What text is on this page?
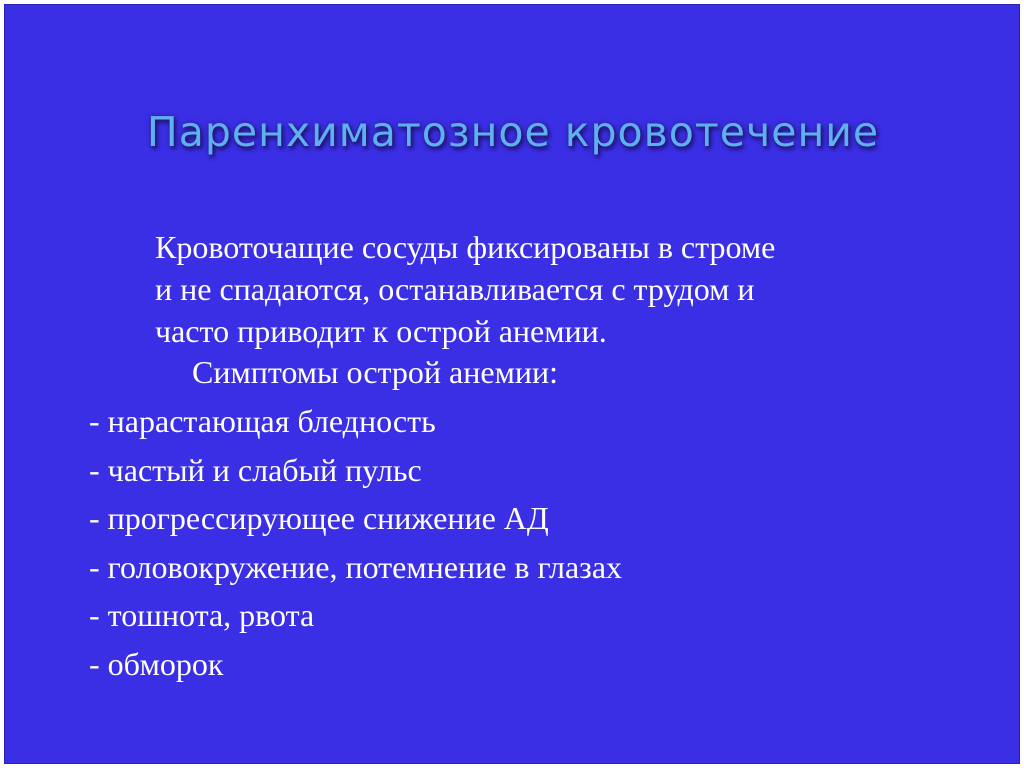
Паренхиматозное кровотечение
Кровоточащие сосуды фиксированы в строме
и не спадаются, останавливается с трудом и
часто приводит к острой анемии.
Симптомы острой анемии:
- нарастающая бледность
- частый и слабый пульс
- прогрессирующее снижение АД
- головокружение, потемнение в глазах
- тошнота, рвота
- обморок
